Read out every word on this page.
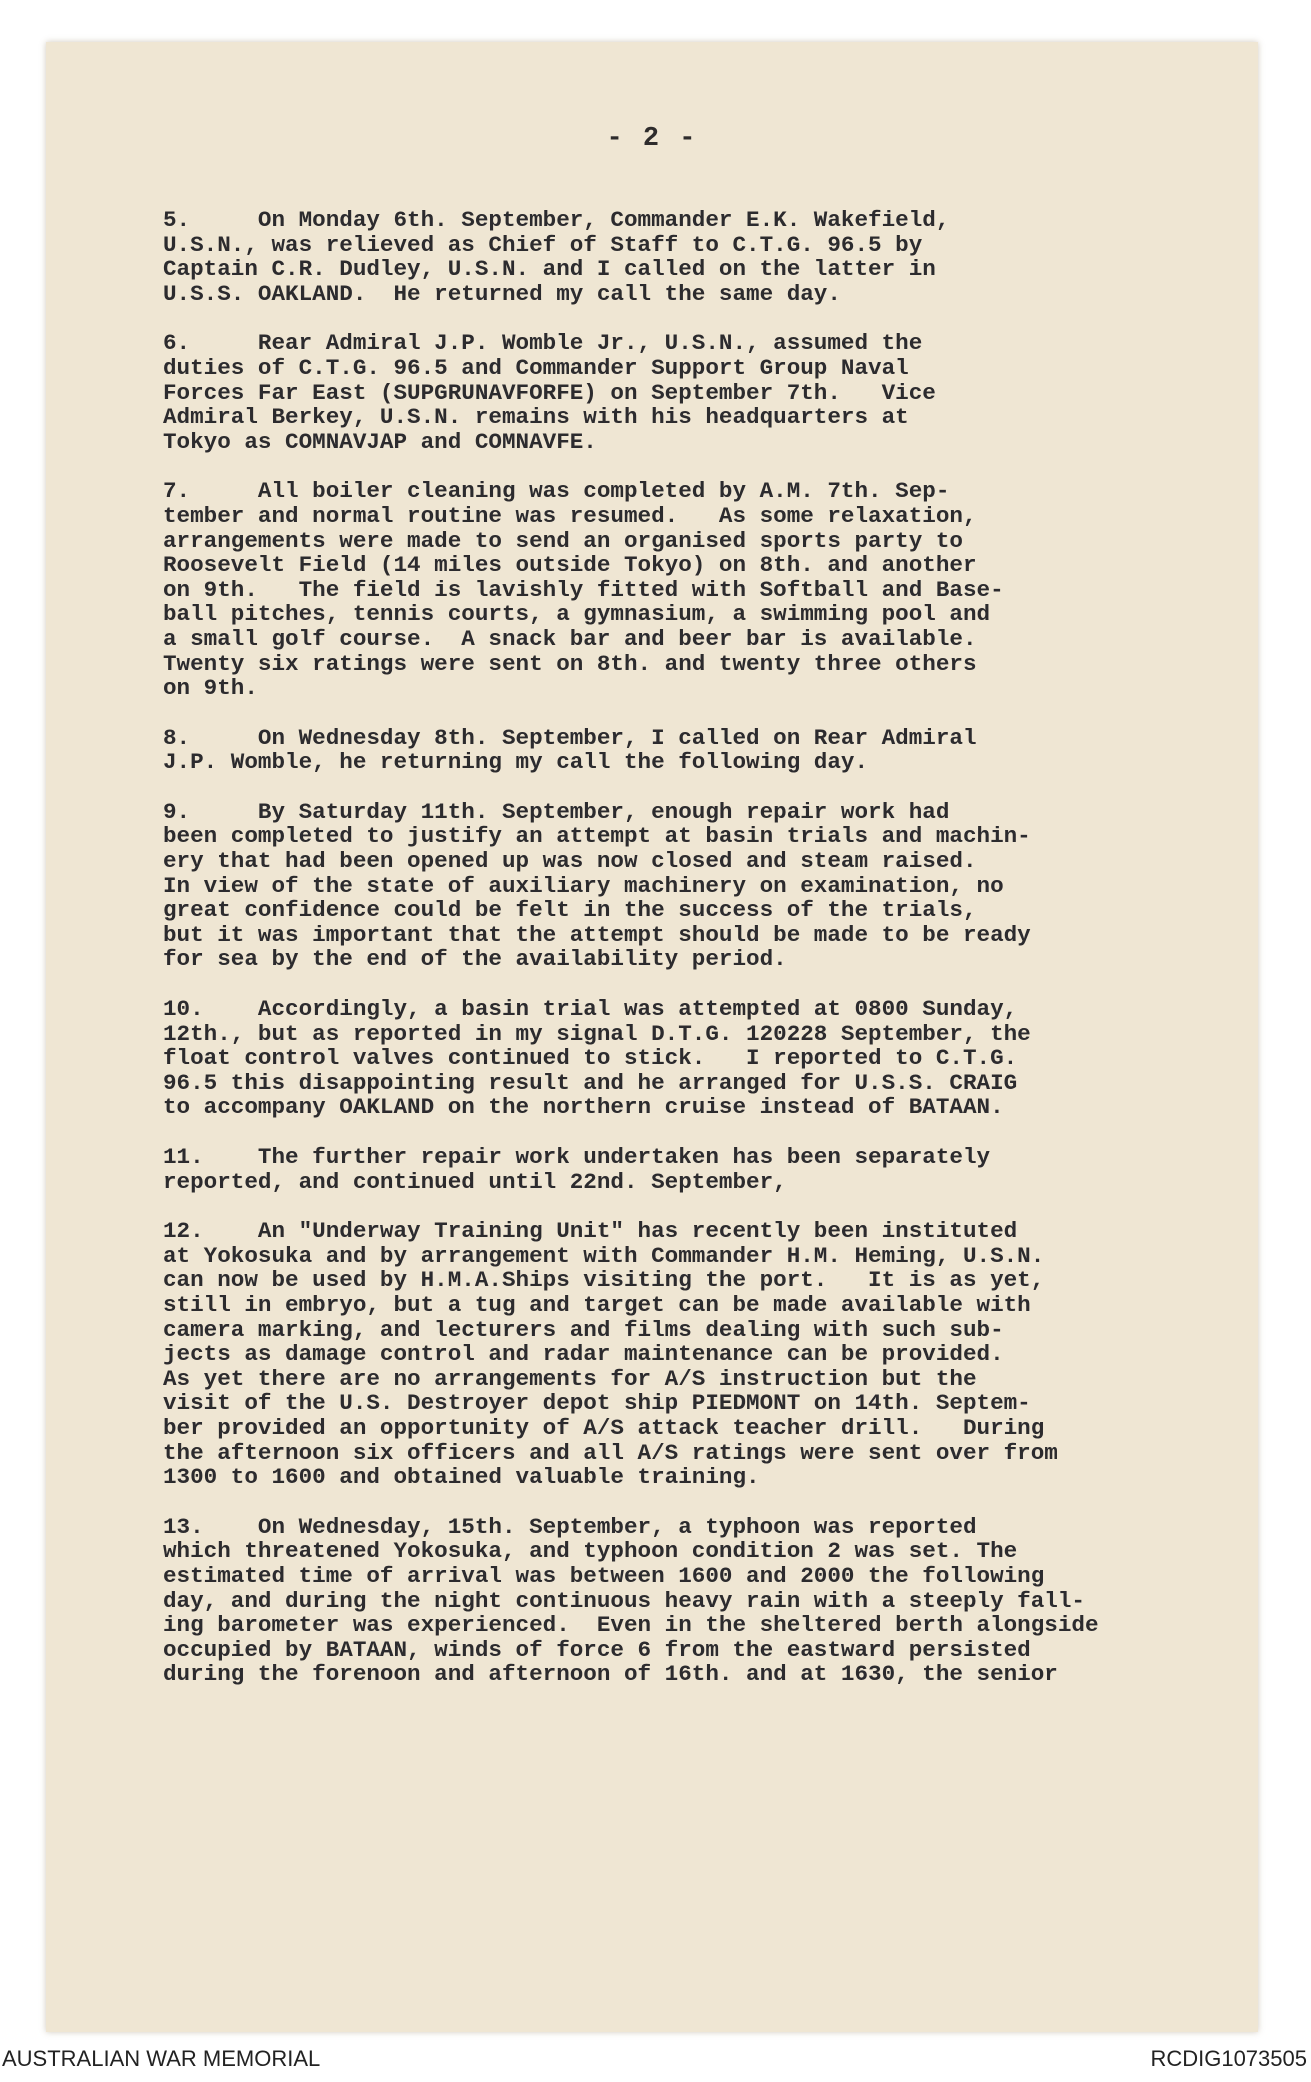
- 2 -
5.     On Monday 6th. September, Commander E.K. Wakefield,
U.S.N., was relieved as Chief of Staff to C.T.G. 96.5 by
Captain C.R. Dudley, U.S.N. and I called on the latter in
U.S.S. OAKLAND.  He returned my call the same day.
6.     Rear Admiral J.P. Womble Jr., U.S.N., assumed the
duties of C.T.G. 96.5 and Commander Support Group Naval
Forces Far East (SUPGRUNAVFORFE) on September 7th.   Vice
Admiral Berkey, U.S.N. remains with his headquarters at
Tokyo as COMNAVJAP and COMNAVFE.
7.     All boiler cleaning was completed by A.M. 7th. Sep-
tember and normal routine was resumed.   As some relaxation,
arrangements were made to send an organised sports party to
Roosevelt Field (14 miles outside Tokyo) on 8th. and another
on 9th.   The field is lavishly fitted with Softball and Base-
ball pitches, tennis courts, a gymnasium, a swimming pool and
a small golf course.  A snack bar and beer bar is available.
Twenty six ratings were sent on 8th. and twenty three others
on 9th.
8.     On Wednesday 8th. September, I called on Rear Admiral
J.P. Womble, he returning my call the following day.
9.     By Saturday 11th. September, enough repair work had
been completed to justify an attempt at basin trials and machin-
ery that had been opened up was now closed and steam raised.
In view of the state of auxiliary machinery on examination, no
great confidence could be felt in the success of the trials,
but it was important that the attempt should be made to be ready
for sea by the end of the availability period.
10.    Accordingly, a basin trial was attempted at 0800 Sunday,
12th., but as reported in my signal D.T.G. 120228 September, the
float control valves continued to stick.   I reported to C.T.G.
96.5 this disappointing result and he arranged for U.S.S. CRAIG
to accompany OAKLAND on the northern cruise instead of BATAAN.
11.    The further repair work undertaken has been separately
reported, and continued until 22nd. September,
12.    An "Underway Training Unit" has recently been instituted
at Yokosuka and by arrangement with Commander H.M. Heming, U.S.N.
can now be used by H.M.A.Ships visiting the port.   It is as yet,
still in embryo, but a tug and target can be made available with
camera marking, and lecturers and films dealing with such sub-
jects as damage control and radar maintenance can be provided.
As yet there are no arrangements for A/S instruction but the
visit of the U.S. Destroyer depot ship PIEDMONT on 14th. Septem-
ber provided an opportunity of A/S attack teacher drill.   During
the afternoon six officers and all A/S ratings were sent over from
1300 to 1600 and obtained valuable training.
13.    On Wednesday, 15th. September, a typhoon was reported
which threatened Yokosuka, and typhoon condition 2 was set. The
estimated time of arrival was between 1600 and 2000 the following
day, and during the night continuous heavy rain with a steeply fall-
ing barometer was experienced.  Even in the sheltered berth alongside
occupied by BATAAN, winds of force 6 from the eastward persisted
during the forenoon and afternoon of 16th. and at 1630, the senior
AUSTRALIAN WAR MEMORIAL	RCDIG1073505
